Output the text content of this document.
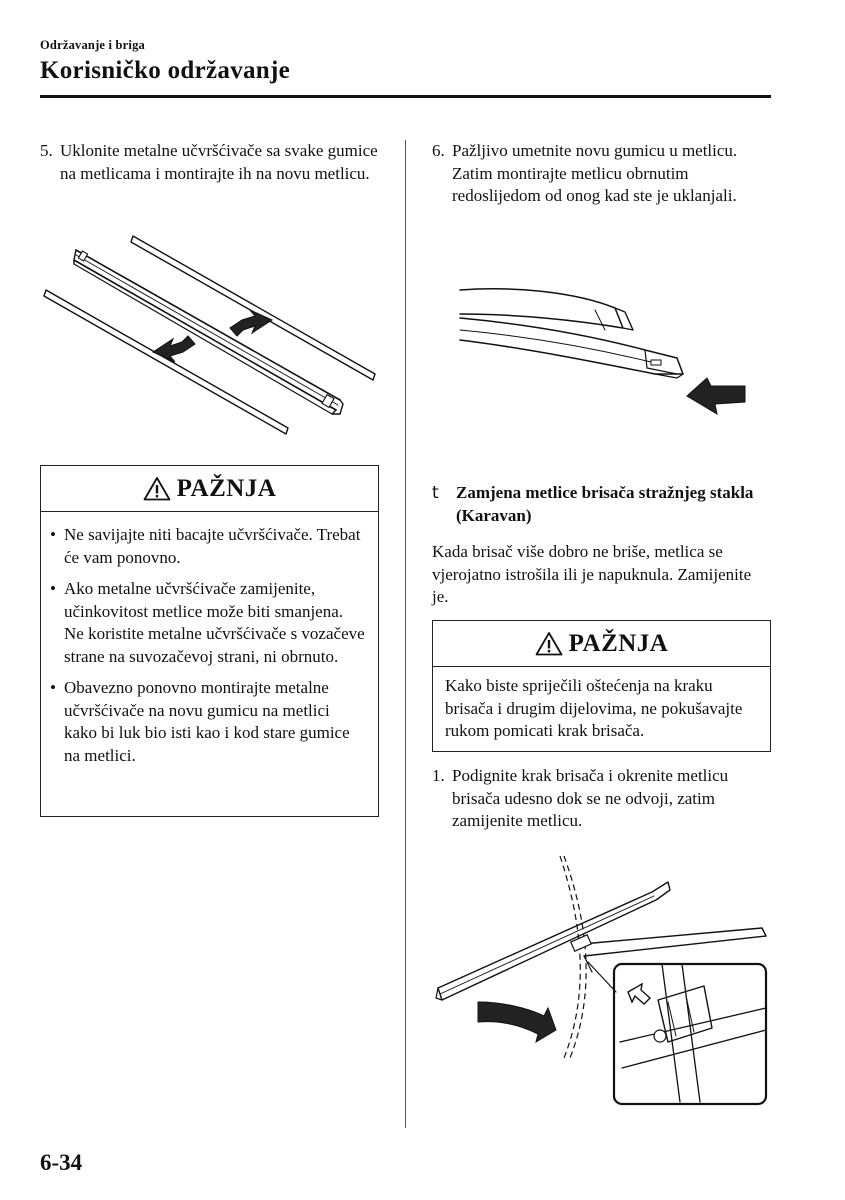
Održavanje i briga
Korisničko održavanje
5. Uklonite metalne učvršćivače sa svake gumice na metlicama i montirajte ih na novu metlicu.
PAŽNJA
• Ne savijajte niti bacajte učvršćivače. Trebat će vam ponovno.
• Ako metalne učvršćivače zamijenite, učinkovitost metlice može biti smanjena.
Ne koristite metalne učvršćivače s vozačeve strane na suvozačevoj strani, ni obrnuto.
• Obavezno ponovno montirajte metalne učvršćivače na novu gumicu na metlici kako bi luk bio isti kao i kod stare gumice na metlici.
6. Pažljivo umetnite novu gumicu u metlicu. Zatim montirajte metlicu obrnutim redoslijedom od onog kad ste je uklanjali.
t	Zamjena metlice brisača stražnjeg stakla (Karavan)
Kada brisač više dobro ne briše, metlica se vjerojatno istrošila ili je napuknula. Zamijenite je.
PAŽNJA
Kako biste spriječili oštećenja na kraku brisača i drugim dijelovima, ne pokušavajte rukom pomicati krak brisača.
1. Podignite krak brisača i okrenite metlicu brisača udesno dok se ne odvoji, zatim zamijenite metlicu.
6-34
